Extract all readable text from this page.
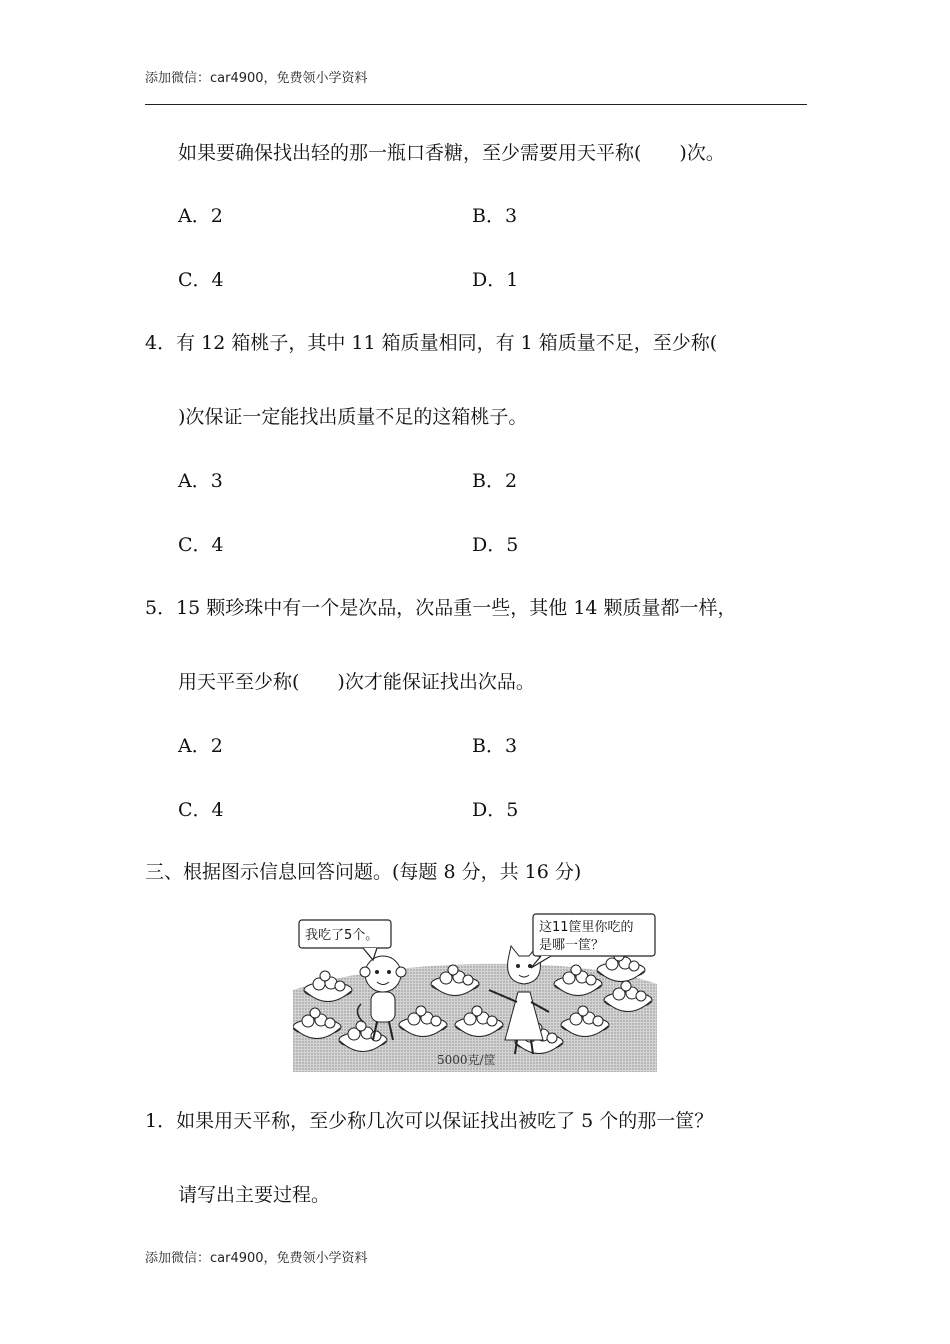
添加微信：car4900，免费领小学资料
如果要确保找出轻的那一瓶口香糖，至少需要用天平称(　　)次。
A．2	B．3
C．4	D．1
4．有 12 箱桃子，其中 11 箱质量相同，有 1 箱质量不足，至少称(
)次保证一定能找出质量不足的这箱桃子。
A．3	B．2
C．4	D．5
5．15 颗珍珠中有一个是次品，次品重一些，其他 14 颗质量都一样，
用天平至少称(　　)次才能保证找出次品。
A．2	B．3
C．4	D．5
三、根据图示信息回答问题。(每题 8 分，共 16 分)
我吃了5个。
这11筐里你吃的
是哪一筐？
5000克/筐
1．如果用天平称，至少称几次可以保证找出被吃了 5 个的那一筐？
请写出主要过程。
添加微信：car4900，免费领小学资料
